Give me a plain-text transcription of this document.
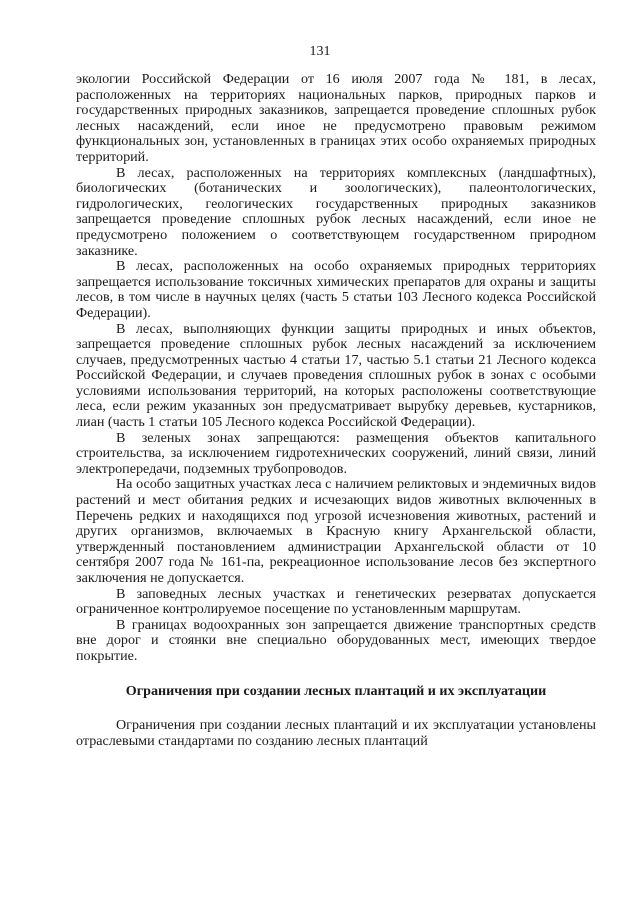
131

экологии Российской Федерации от 16 июля 2007 года № 181, в лесах, расположенных на территориях национальных парков, природных парков и государственных природных заказников, запрещается проведение сплошных рубок лесных насаждений, если иное не предусмотрено правовым режимом функциональных зон, установленных в границах этих особо охраняемых природных территорий.

В лесах, расположенных на территориях комплексных (ландшафтных), биологических (ботанических и зоологических), палеонтологических, гидрологических, геологических государственных природных заказников запрещается проведение сплошных рубок лесных насаждений, если иное не предусмотрено положением о соответствующем государственном природном заказнике.

В лесах, расположенных на особо охраняемых природных территориях запрещается использование токсичных химических препаратов для охраны и защиты лесов, в том числе в научных целях (часть 5 статьи 103 Лесного кодекса Российской Федерации).

В лесах, выполняющих функции защиты природных и иных объектов, запрещается проведение сплошных рубок лесных насаждений за исключением случаев, предусмотренных частью 4 статьи 17, частью 5.1 статьи 21 Лесного кодекса Российской Федерации, и случаев проведения сплошных рубок в зонах с особыми условиями использования территорий, на которых расположены соответствующие леса, если режим указанных зон предусматривает вырубку деревьев, кустарников, лиан (часть 1 статьи 105 Лесного кодекса Российской Федерации).

В зеленых зонах запрещаются: размещения объектов капитального строительства, за исключением гидротехнических сооружений, линий связи, линий электропередачи, подземных трубопроводов.

На особо защитных участках леса с наличием реликтовых и эндемичных видов растений и мест обитания редких и исчезающих видов животных включенных в Перечень редких и находящихся под угрозой исчезновения животных, растений и других организмов, включаемых в Красную книгу Архангельской области, утвержденный постановлением администрации Архангельской области от 10 сентября 2007 года № 161-па, рекреационное использование лесов без экспертного заключения не допускается.

В заповедных лесных участках и генетических резерватах допускается ограниченное контролируемое посещение по установленным маршрутам.

В границах водоохранных зон запрещается движение транспортных средств вне дорог и стоянки вне специально оборудованных мест, имеющих твердое покрытие.

Ограничения при создании лесных плантаций и их эксплуатации

Ограничения при создании лесных плантаций и их эксплуатации установлены отраслевыми стандартами по созданию лесных плантаций
